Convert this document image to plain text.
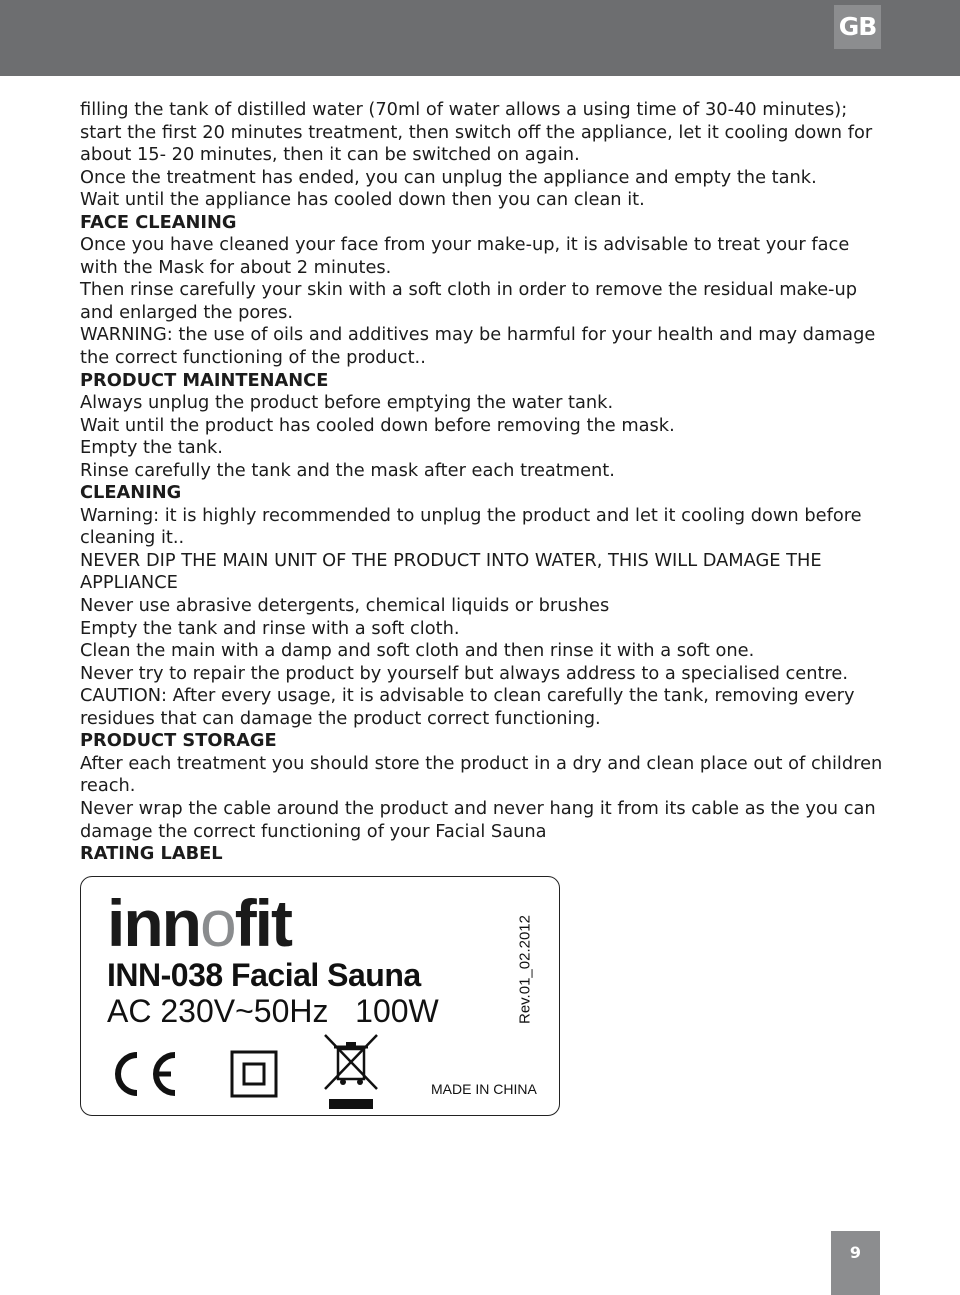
GB

filling the tank of distilled water (70ml of water allows a using time of 30-40 minutes); start the first 20 minutes treatment, then switch off the appliance, let it cooling down for about 15- 20 minutes, then it can be switched on again.

Once the treatment has ended, you can unplug the appliance and empty the tank.

Wait until the appliance has cooled down then you can clean it.

FACE CLEANING

Once you have cleaned your face from your make-up, it is advisable to treat your face with the Mask for about 2 minutes.

Then rinse carefully your skin with a soft cloth in order to remove the residual make-up and enlarged the pores.

WARNING: the use of oils and additives may be harmful for your health and may damage the correct functioning of the product..

PRODUCT MAINTENANCE

Always unplug the product before emptying the water tank.

Wait until the product has cooled down before removing the mask.

Empty the tank.

Rinse carefully the tank and the mask after each treatment.

CLEANING

Warning: it is highly recommended to unplug the product and let it cooling down before cleaning it..

NEVER DIP THE MAIN UNIT OF THE PRODUCT INTO WATER, THIS WILL DAMAGE THE APPLIANCE

Never use abrasive detergents, chemical liquids or brushes

Empty the tank and rinse with a soft cloth.

Clean the main with a damp and soft cloth and then rinse it with a soft one.

Never try to repair the product by yourself but always address to a specialised centre.

CAUTION: After every usage, it is advisable to clean carefully the tank, removing every residues that can damage the product correct functioning.

PRODUCT STORAGE

After each treatment you should store the product in a dry and clean place out of children reach.

Never wrap the cable around the product and never hang it from its cable as the you can damage the correct functioning of your Facial Sauna

RATING LABEL

innofit
INN-038 Facial Sauna
AC 230V~50Hz   100W	Rev.01_02.2012
MADE IN CHINA
9
